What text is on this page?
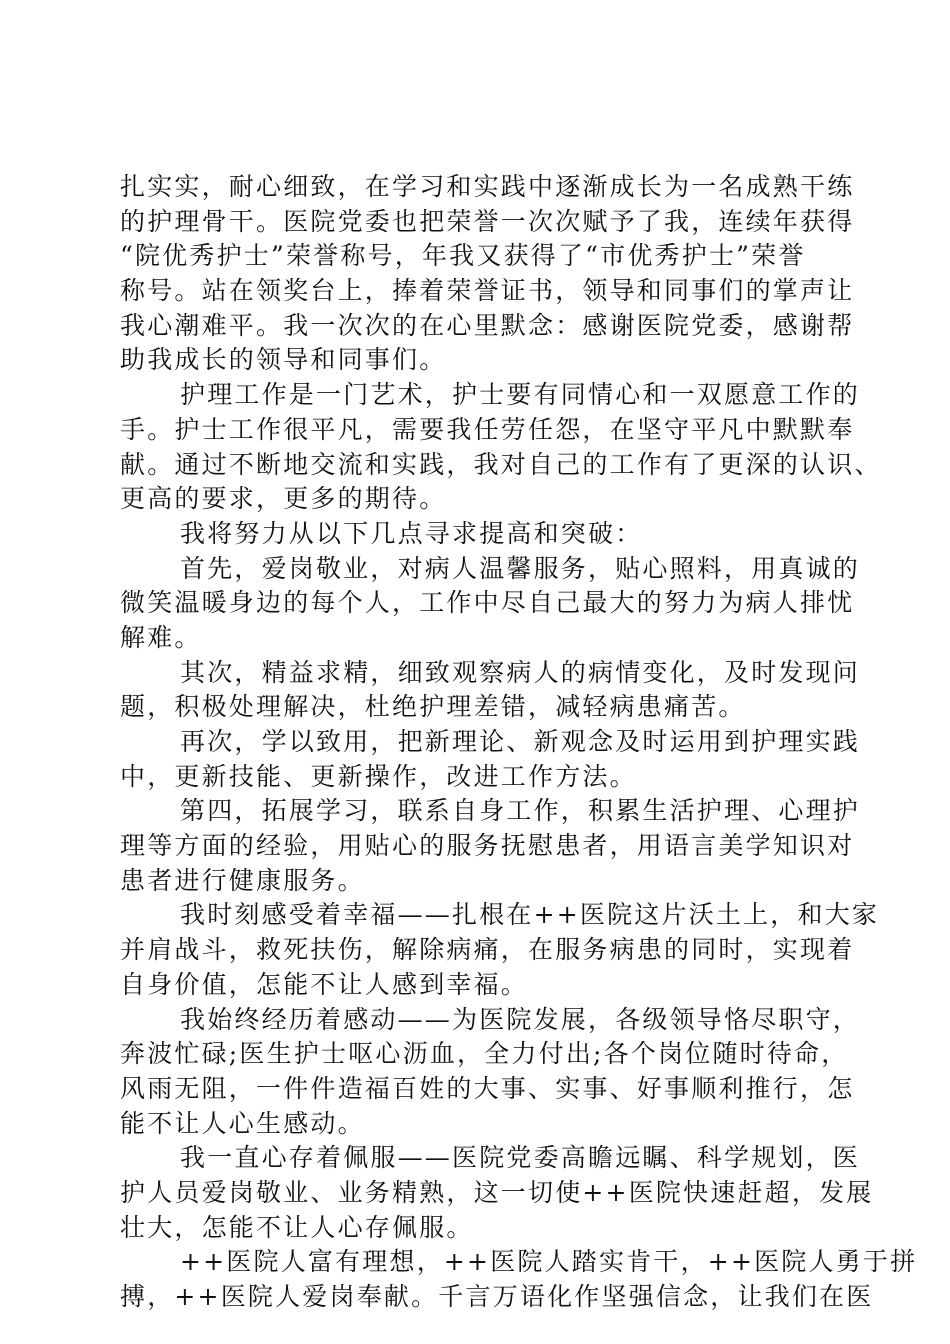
扎实实，耐心细致，在学习和实践中逐渐成长为一名成熟干练
的护理骨干。医院党委也把荣誉一次次赋予了我，连续年获得
“院优秀护士”荣誉称号，年我又获得了“市优秀护士”荣誉
称号。站在领奖台上，捧着荣誉证书，领导和同事们的掌声让
我心潮难平。我一次次的在心里默念：感谢医院党委，感谢帮
助我成长的领导和同事们。
护理工作是一门艺术，护士要有同情心和一双愿意工作的
手。护士工作很平凡，需要我任劳任怨，在坚守平凡中默默奉
献。通过不断地交流和实践，我对自己的工作有了更深的认识、
更高的要求，更多的期待。
我将努力从以下几点寻求提高和突破：
首先，爱岗敬业，对病人温馨服务，贴心照料，用真诚的
微笑温暖身边的每个人，工作中尽自己最大的努力为病人排忧
解难。
其次，精益求精，细致观察病人的病情变化，及时发现问
题，积极处理解决，杜绝护理差错，减轻病患痛苦。
再次，学以致用，把新理论、新观念及时运用到护理实践
中，更新技能、更新操作，改进工作方法。
第四，拓展学习，联系自身工作，积累生活护理、心理护
理等方面的经验，用贴心的服务抚慰患者，用语言美学知识对
患者进行健康服务。
我时刻感受着幸福——扎根在++医院这片沃土上，和大家
并肩战斗，救死扶伤，解除病痛，在服务病患的同时，实现着
自身价值，怎能不让人感到幸福。
我始终经历着感动——为医院发展，各级领导恪尽职守，
奔波忙碌;医生护士呕心沥血，全力付出;各个岗位随时待命，
风雨无阻，一件件造福百姓的大事、实事、好事顺利推行，怎
能不让人心生感动。
我一直心存着佩服——医院党委高瞻远瞩、科学规划，医
护人员爱岗敬业、业务精熟，这一切使++医院快速赶超，发展
壮大，怎能不让人心存佩服。
++医院人富有理想，++医院人踏实肯干，++医院人勇于拼
搏，++医院人爱岗奉献。千言万语化作坚强信念，让我们在医
